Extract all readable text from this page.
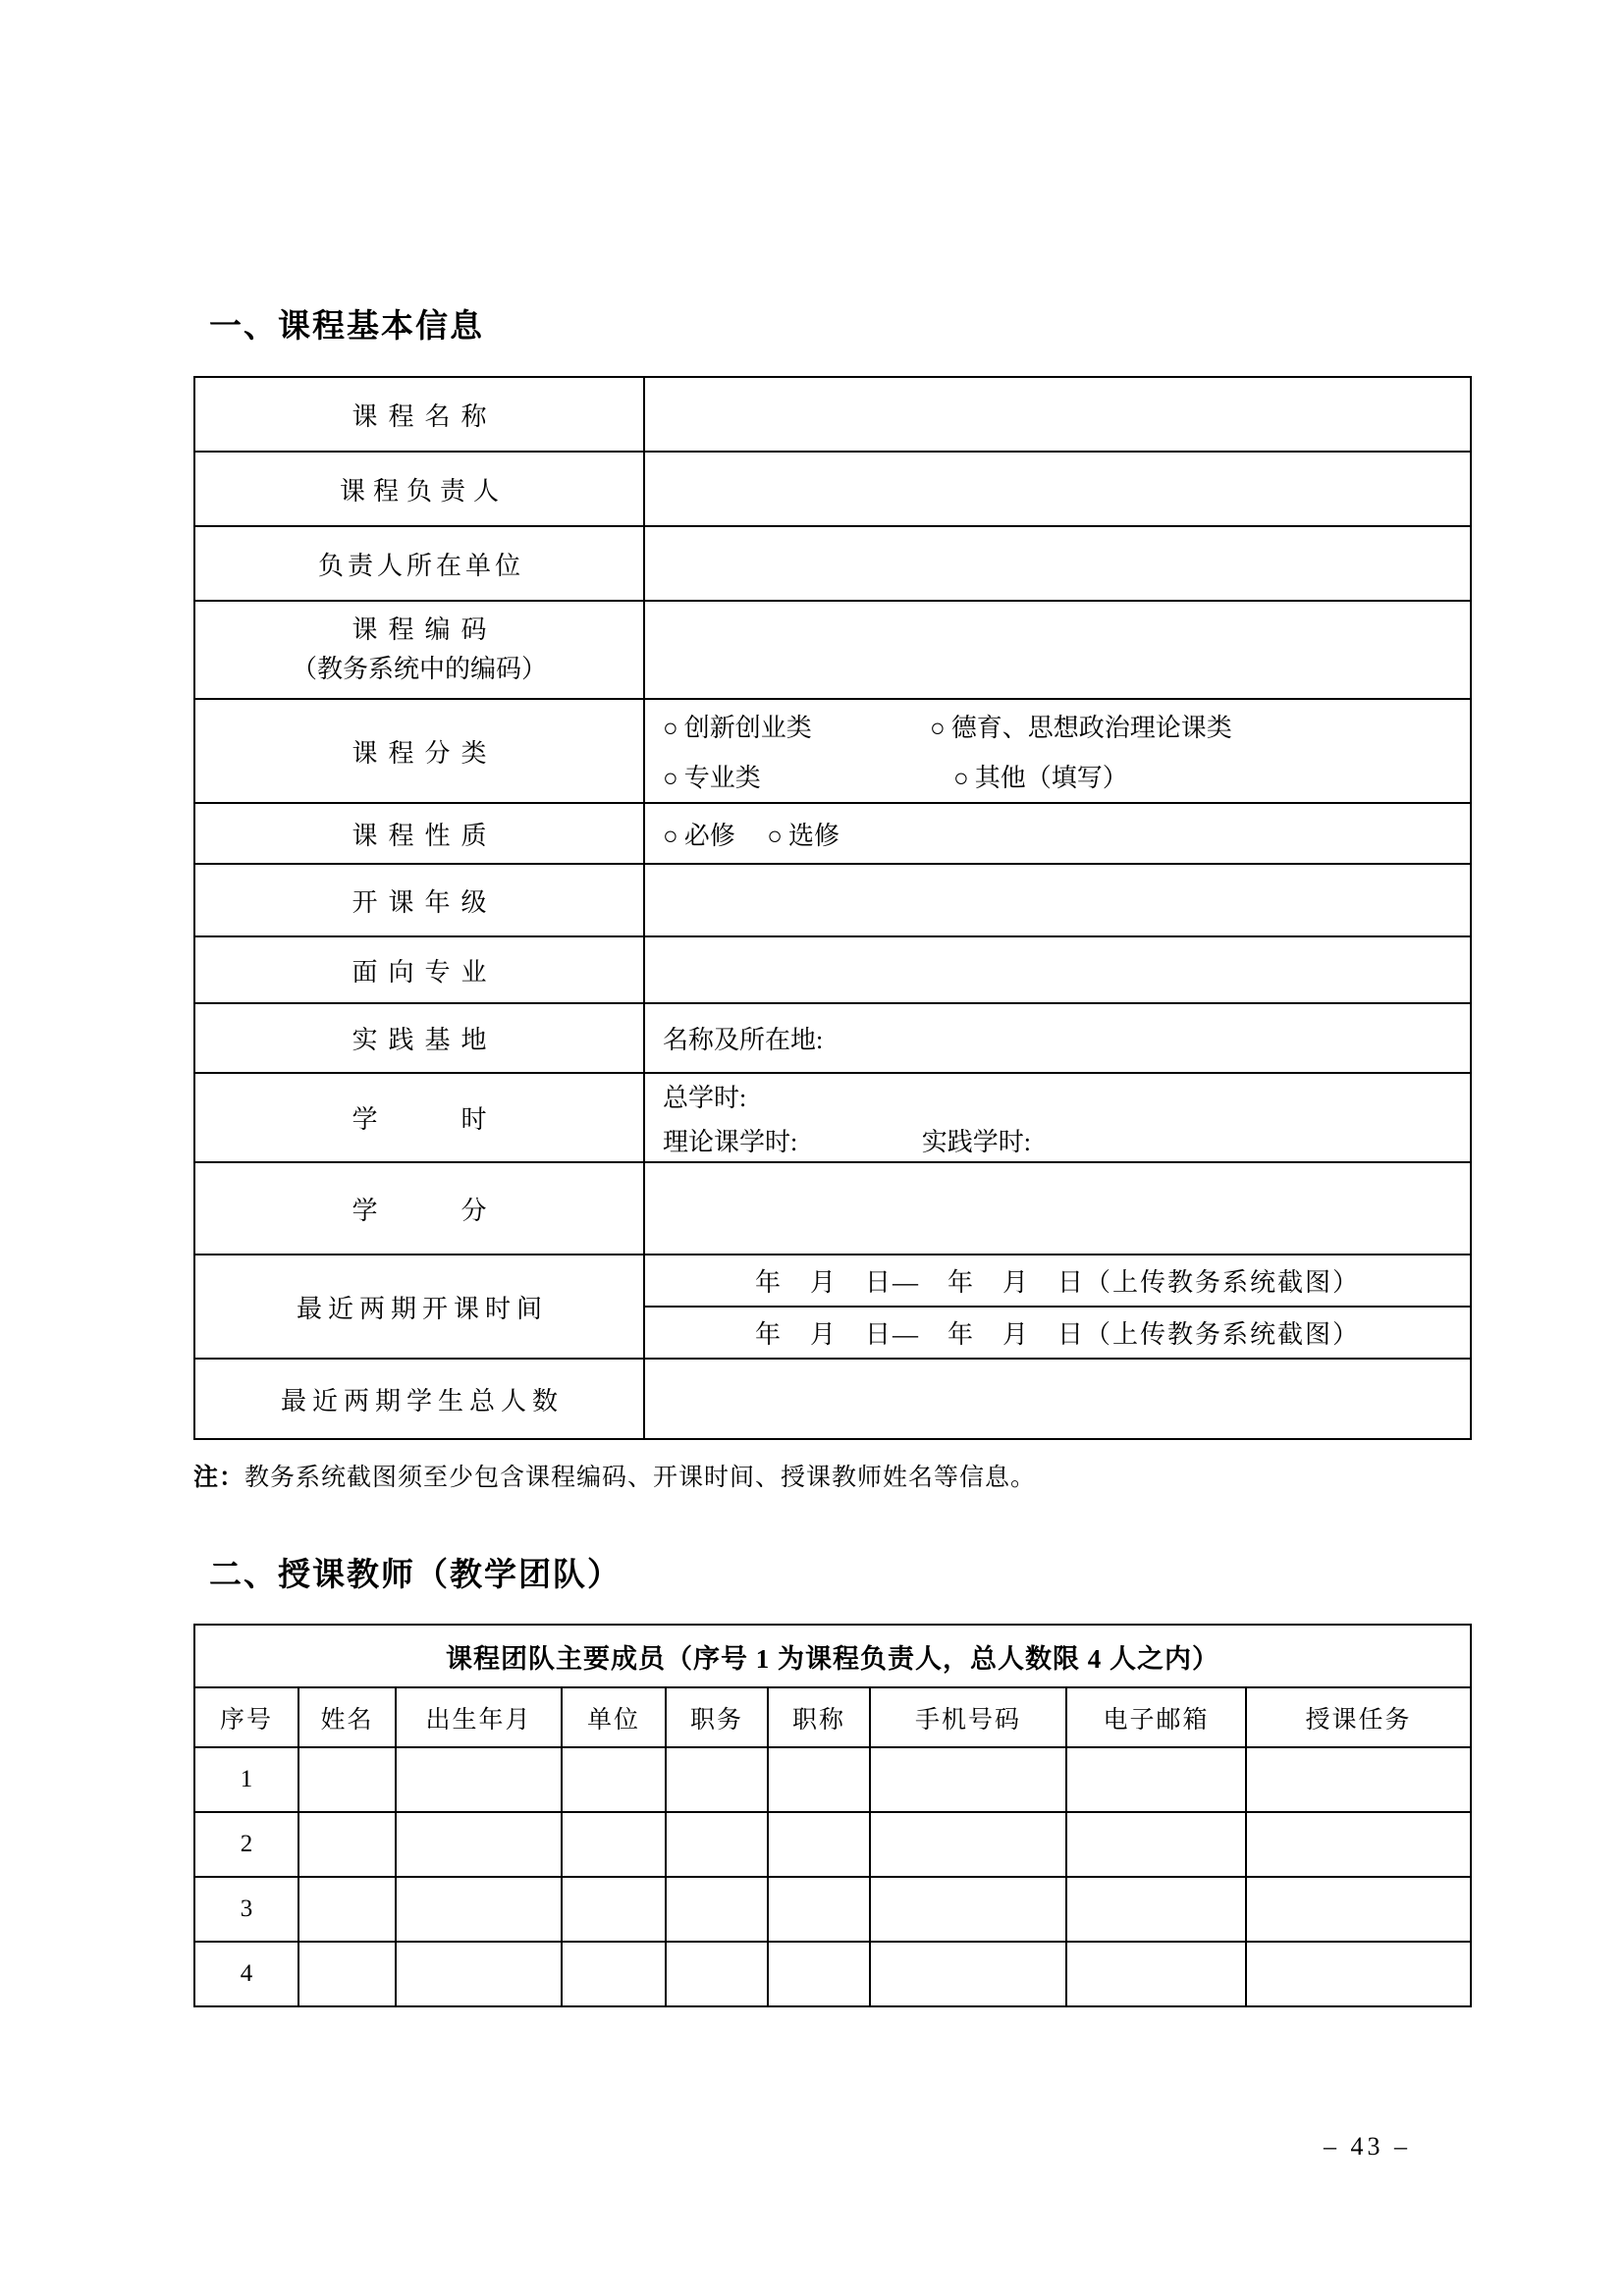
一、课程基本信息
课程名称	
课程负责人	
负责人所在单位	

课程编码
（教务系统中的编码）	

课程分类	○ 创新创业类 ○ 德育、思想政治理论课类
○ 专业类 ○ 其他（填写）

课程性质	○ 必修 ○ 选修
开课年级	
面向专业	
实践基地	名称及所在地:
学　　时	总学时:
理论课学时: 实践学时:

学　　分	
最近两期开课时间	年　月　日—　年　月　日（上传教务系统截图）
	年　月　日—　年　月　日（上传教务系统截图）
最近两期学生总人数	
注：教务系统截图须至少包含课程编码、开课时间、授课教师姓名等信息。
二、授课教师（教学团队）
课程团队主要成员（序号 1 为课程负责人，总人数限 4 人之内）								
序号	姓名	出生年月	单位	职务	职称	手机号码	电子邮箱	授课任务
1								
2								
3								
4								
– 43 –
